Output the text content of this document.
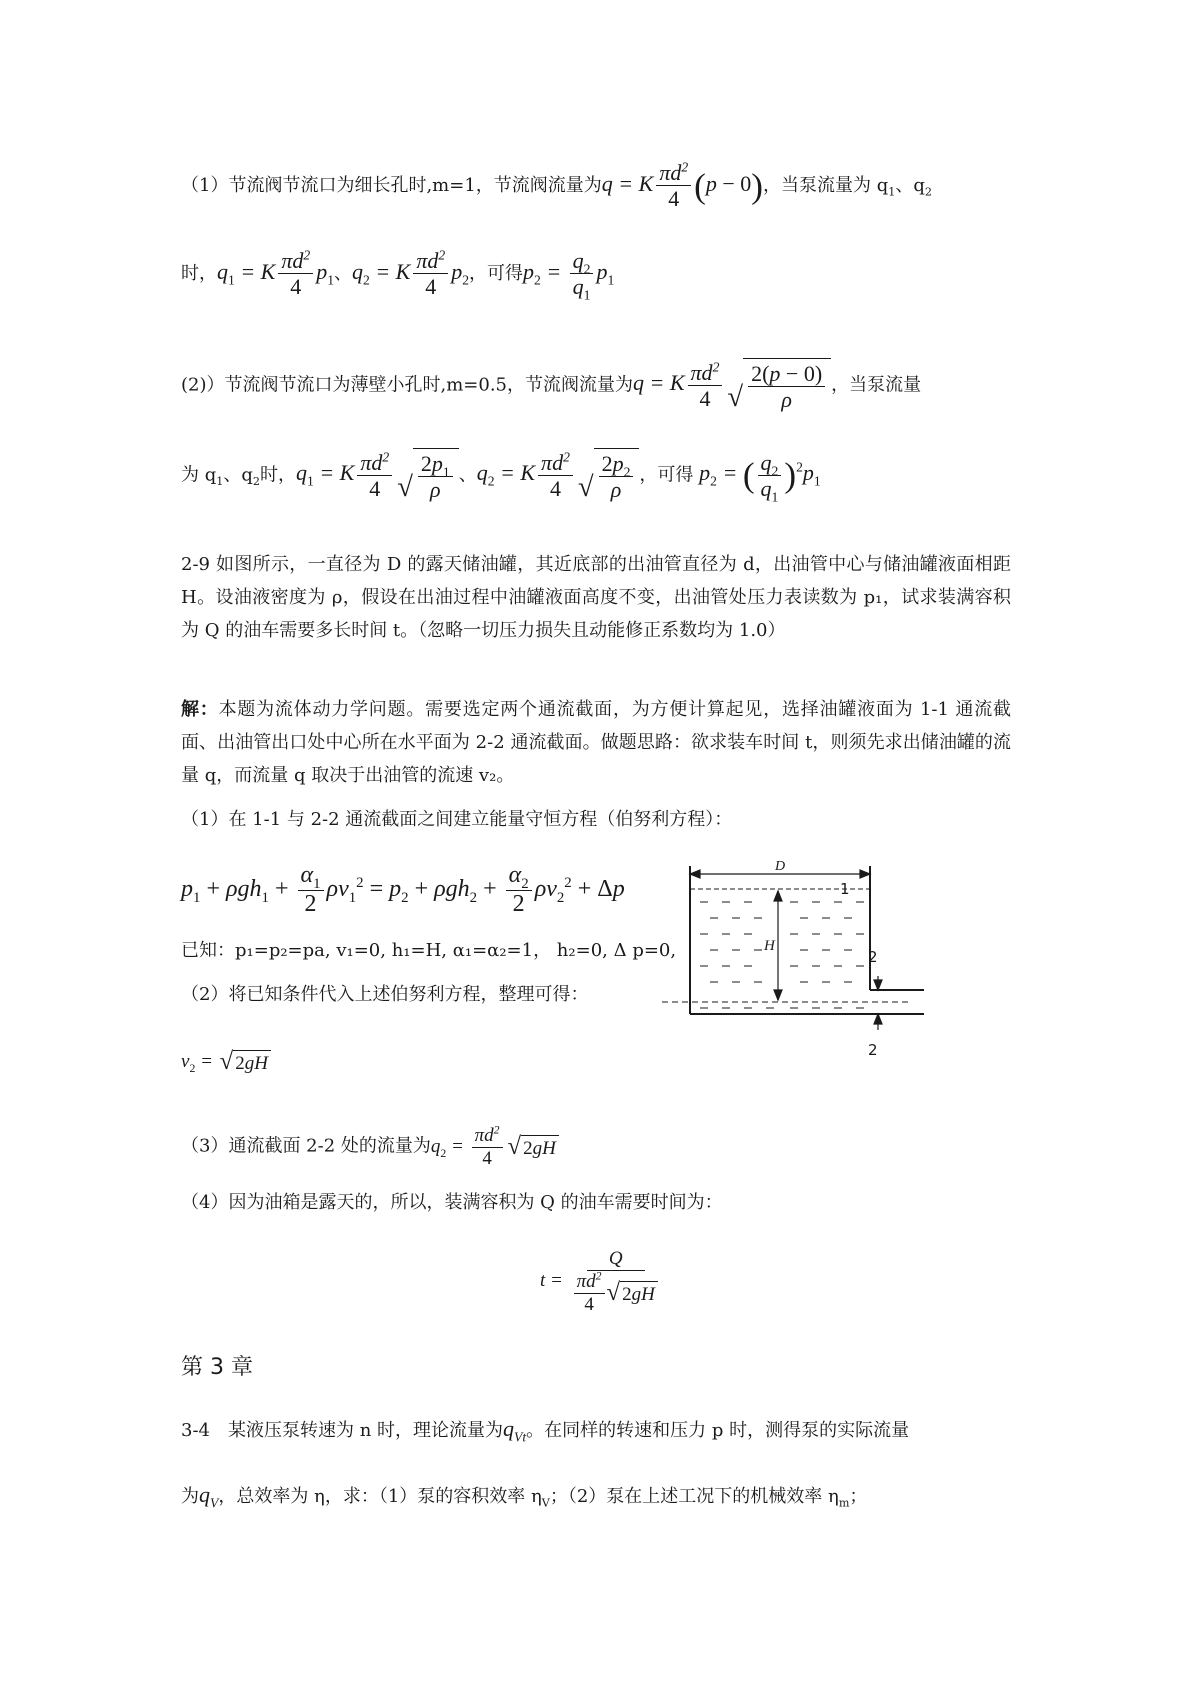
（1）节流阀节流口为细长孔时,m=1，节流阀流量为q = K $\frac{\pi d^2}{4} (p - 0)$，当泵流量为 $q_1$、$q_2$
时，$q_1 = K \frac{\pi d^2}{4} p_1$、$q_2 = K \frac{\pi d^2}{4} p_2$，可得$p_2 = \frac{q_2}{q_1} p_1$
(2)）节流阀节流口为薄壁小孔时,m=0.5，节流阀流量为q = K $\frac{\pi d^2}{4}$ √ $\frac{2(p - 0)}{\rho}$ ，当泵流量
为 $q_1$、$q_2$时，$q_1 = K \frac{\pi d^2}{4}$ √ $\frac{2p_1}{\rho}$ 、$q_2 = K \frac{\pi d^2}{4}$ √ $\frac{2p_2}{\rho}$ ，可得 $p_2$ = ( $\frac{q_2}{q_1} )^2p_1$
2-9 如图所示，一直径为 D 的露天储油罐，其近底部的出油管直径为 d，出油管中心与储油罐液面相距 H。设油液密度为 ρ，假设在出油过程中油罐液面高度不变，出油管处压力表读数为 p₁，试求装满容积为 Q 的油车需要多长时间 t。（忽略一切压力损失且动能修正系数均为 1.0）
解：本题为流体动力学问题。需要选定两个通流截面，为方便计算起见，选择油罐液面为 1-1 通流截面、出油管出口处中心所在水平面为 2-2 通流截面。做题思路：欲求装车时间 t，则须先求出储油罐的流量 q，而流量 q 取决于出油管的流速 v₂。
（1）在 1-1 与 2-2 通流截面之间建立能量守恒方程（伯努利方程）：
$p_1 + \rho gh_1 + \frac{\alpha_1}{2} \rho v_1^2 = p_2 + \rho gh_2 + \frac{\alpha_2}{2} \rho v_2^2 + \Delta p$
已知：p₁=p₂=pa, v₁=0, h₁=H, α₁=α₂=1， h₂=0, Δ p=0,
（2）将已知条件代入上述伯努利方程，整理可得：
$v_2$ = √ 2 gH
（3）通流截面 2-2 处的流量为$q_2 = \frac{\pi d^2}{4}$ √ 2 gH
（4）因为油箱是露天的，所以，装满容积为 Q 的油车需要时间为：
$t = \frac{Q}{\frac{\pi d^2}{4} √ 2 gH}$
第 3 章
3-4　某液压泵转速为 n 时，理论流量为$q_{Vt}$。在同样的转速和压力 p 时，测得泵的实际流量
为$q_V$，总效率为 η，求：（1）泵的容积效率 $\eta_V$；（2）泵在上述工况下的机械效率 $\eta_m$；
D
H
1
2
2
